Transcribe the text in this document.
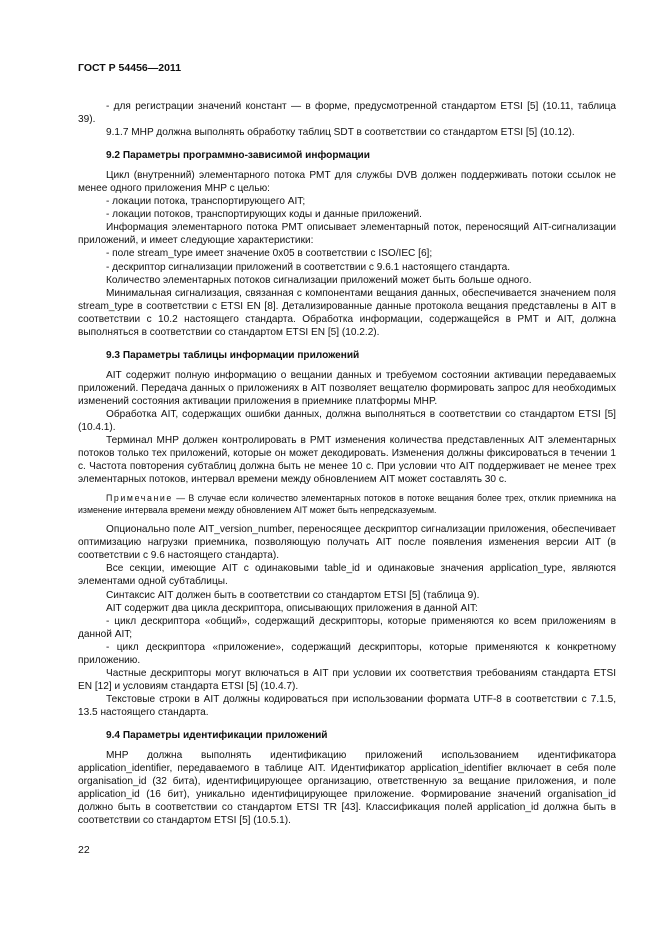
ГОСТ Р 54456—2011
- для регистрации значений констант — в форме, предусмотренной стандартом ETSI [5] (10.11, таблица 39).
9.1.7 MHP должна выполнять обработку таблиц SDT в соответствии со стандартом ETSI [5] (10.12).
9.2 Параметры программно-зависимой информации
Цикл (внутренний) элементарного потока PMT для службы DVB должен поддерживать потоки ссылок не менее одного приложения MHP с целью:
- локации потока, транспортирующего AIT;
- локации потоков, транспортирующих коды и данные приложений.
Информация элементарного потока PMT описывает элементарный поток, переносящий AIT-сигнализации приложений, и имеет следующие характеристики:
- поле stream_type имеет значение 0x05 в соответствии с ISO/IEC [6];
- дескриптор сигнализации приложений в соответствии с 9.6.1 настоящего стандарта.
Количество элементарных потоков сигнализации приложений может быть больше одного.
Минимальная сигнализация, связанная с компонентами вещания данных, обеспечивается значением поля stream_type в соответствии с ETSI EN [8]. Детализированные данные протокола вещания представлены в AIT в соответствии с 10.2 настоящего стандарта. Обработка информации, содержащейся в PMT и AIT, должна выполняться в соответствии со стандартом ETSI EN [5] (10.2.2).
9.3 Параметры таблицы информации приложений
AIT содержит полную информацию о вещании данных и требуемом состоянии активации передаваемых приложений. Передача данных о приложениях в AIT позволяет вещателю формировать запрос для необходимых изменений состояния активации приложения в приемнике платформы MHP.
Обработка AIT, содержащих ошибки данных, должна выполняться в соответствии со стандартом ETSI [5] (10.4.1).
Терминал MHP должен контролировать в PMT изменения количества представленных AIT элементарных потоков только тех приложений, которые он может декодировать. Изменения должны фиксироваться в течении 1 с. Частота повторения субтаблиц должна быть не менее 10 с. При условии что AIT поддерживает не менее трех элементарных потоков, интервал времени между обновлением AIT может составлять 30 с.
Примечание — В случае если количество элементарных потоков в потоке вещания более трех, отклик приемника на изменение интервала времени между обновлением AIT может быть непредсказуемым.
Опционально поле AIT_version_number, переносящее дескриптор сигнализации приложения, обеспечивает оптимизацию нагрузки приемника, позволяющую получать AIT после появления изменения версии AIT (в соответствии с 9.6 настоящего стандарта).
Все секции, имеющие AIT с одинаковыми table_id и одинаковые значения application_type, являются элементами одной субтаблицы.
Синтаксис AIT должен быть в соответствии со стандартом ETSI [5] (таблица 9).
AIT содержит два цикла дескриптора, описывающих приложения в данной AIT:
- цикл дескриптора «общий», содержащий дескрипторы, которые применяются ко всем приложениям в данной AIT;
- цикл дескриптора «приложение», содержащий дескрипторы, которые применяются к конкретному приложению.
Частные дескрипторы могут включаться в AIT при условии их соответствия требованиям стандарта ETSI EN [12] и условиям стандарта ETSI [5] (10.4.7).
Текстовые строки в AIT должны кодироваться при использовании формата UTF-8 в соответствии с 7.1.5, 13.5 настоящего стандарта.
9.4 Параметры идентификации приложений
MHP должна выполнять идентификацию приложений использованием идентификатора application_identifier, передаваемого в таблице AIT. Идентификатор application_identifier включает в себя поле organisation_id (32 бита), идентифицирующее организацию, ответственную за вещание приложения, и поле application_id (16 бит), уникально идентифицирующее приложение. Формирование значений organisation_id должно быть в соответствии со стандартом ETSI TR [43]. Классификация полей application_id должна быть в соответствии со стандартом ETSI [5] (10.5.1).
22
